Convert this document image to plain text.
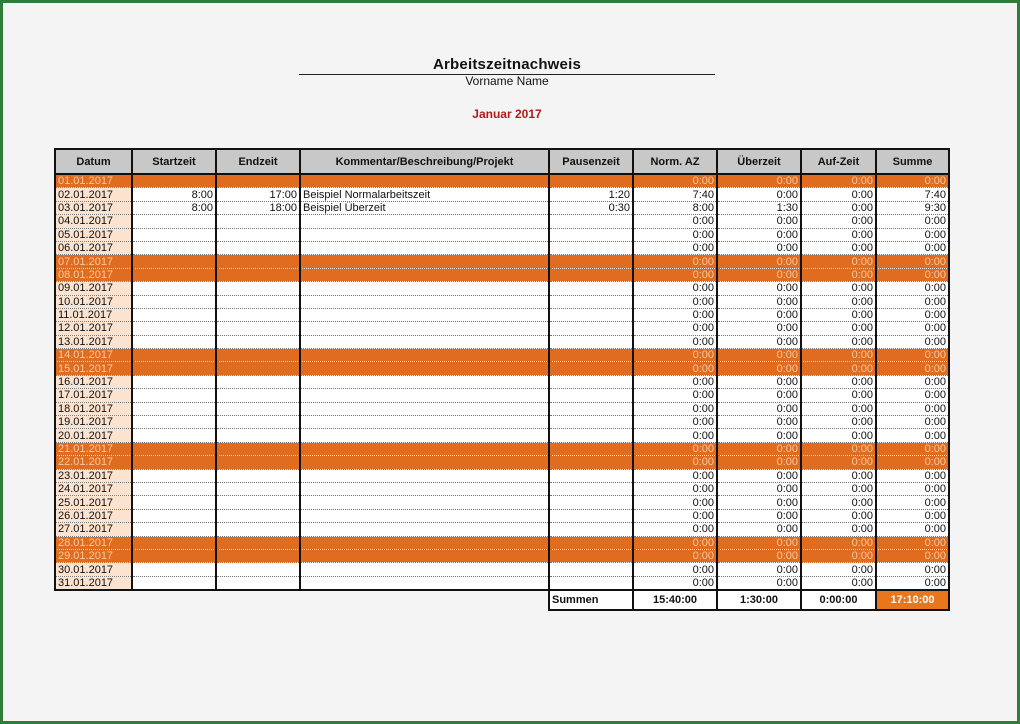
Arbeitszeitnachweis
Vorname Name
Januar 2017
Datum	Startzeit	Endzeit	Kommentar/Beschreibung/Projekt	Pausenzeit	Norm. AZ	Überzeit	Auf-Zeit	Summe
01.01.2017					0:00	0:00	0:00	0:00
02.01.2017	8:00	17:00	Beispiel Normalarbeitszeit	1:20	7:40	0:00	0:00	7:40
03.01.2017	8:00	18:00	Beispiel Überzeit	0:30	8:00	1:30	0:00	9:30
04.01.2017					0:00	0:00	0:00	0:00
05.01.2017					0:00	0:00	0:00	0:00
06.01.2017					0:00	0:00	0:00	0:00
07.01.2017					0:00	0:00	0:00	0:00
08.01.2017					0:00	0:00	0:00	0:00
09.01.2017					0:00	0:00	0:00	0:00
10.01.2017					0:00	0:00	0:00	0:00
11.01.2017					0:00	0:00	0:00	0:00
12.01.2017					0:00	0:00	0:00	0:00
13.01.2017					0:00	0:00	0:00	0:00
14.01.2017					0:00	0:00	0:00	0:00
15.01.2017					0:00	0:00	0:00	0:00
16.01.2017					0:00	0:00	0:00	0:00
17.01.2017					0:00	0:00	0:00	0:00
18.01.2017					0:00	0:00	0:00	0:00
19.01.2017					0:00	0:00	0:00	0:00
20.01.2017					0:00	0:00	0:00	0:00
21.01.2017					0:00	0:00	0:00	0:00
22.01.2017					0:00	0:00	0:00	0:00
23.01.2017					0:00	0:00	0:00	0:00
24.01.2017					0:00	0:00	0:00	0:00
25.01.2017					0:00	0:00	0:00	0:00
26.01.2017					0:00	0:00	0:00	0:00
27.01.2017					0:00	0:00	0:00	0:00
28.01.2017					0:00	0:00	0:00	0:00
29.01.2017					0:00	0:00	0:00	0:00
30.01.2017					0:00	0:00	0:00	0:00
31.01.2017					0:00	0:00	0:00	0:00
				Summen	15:40:00	1:30:00	0:00:00	17:10:00
